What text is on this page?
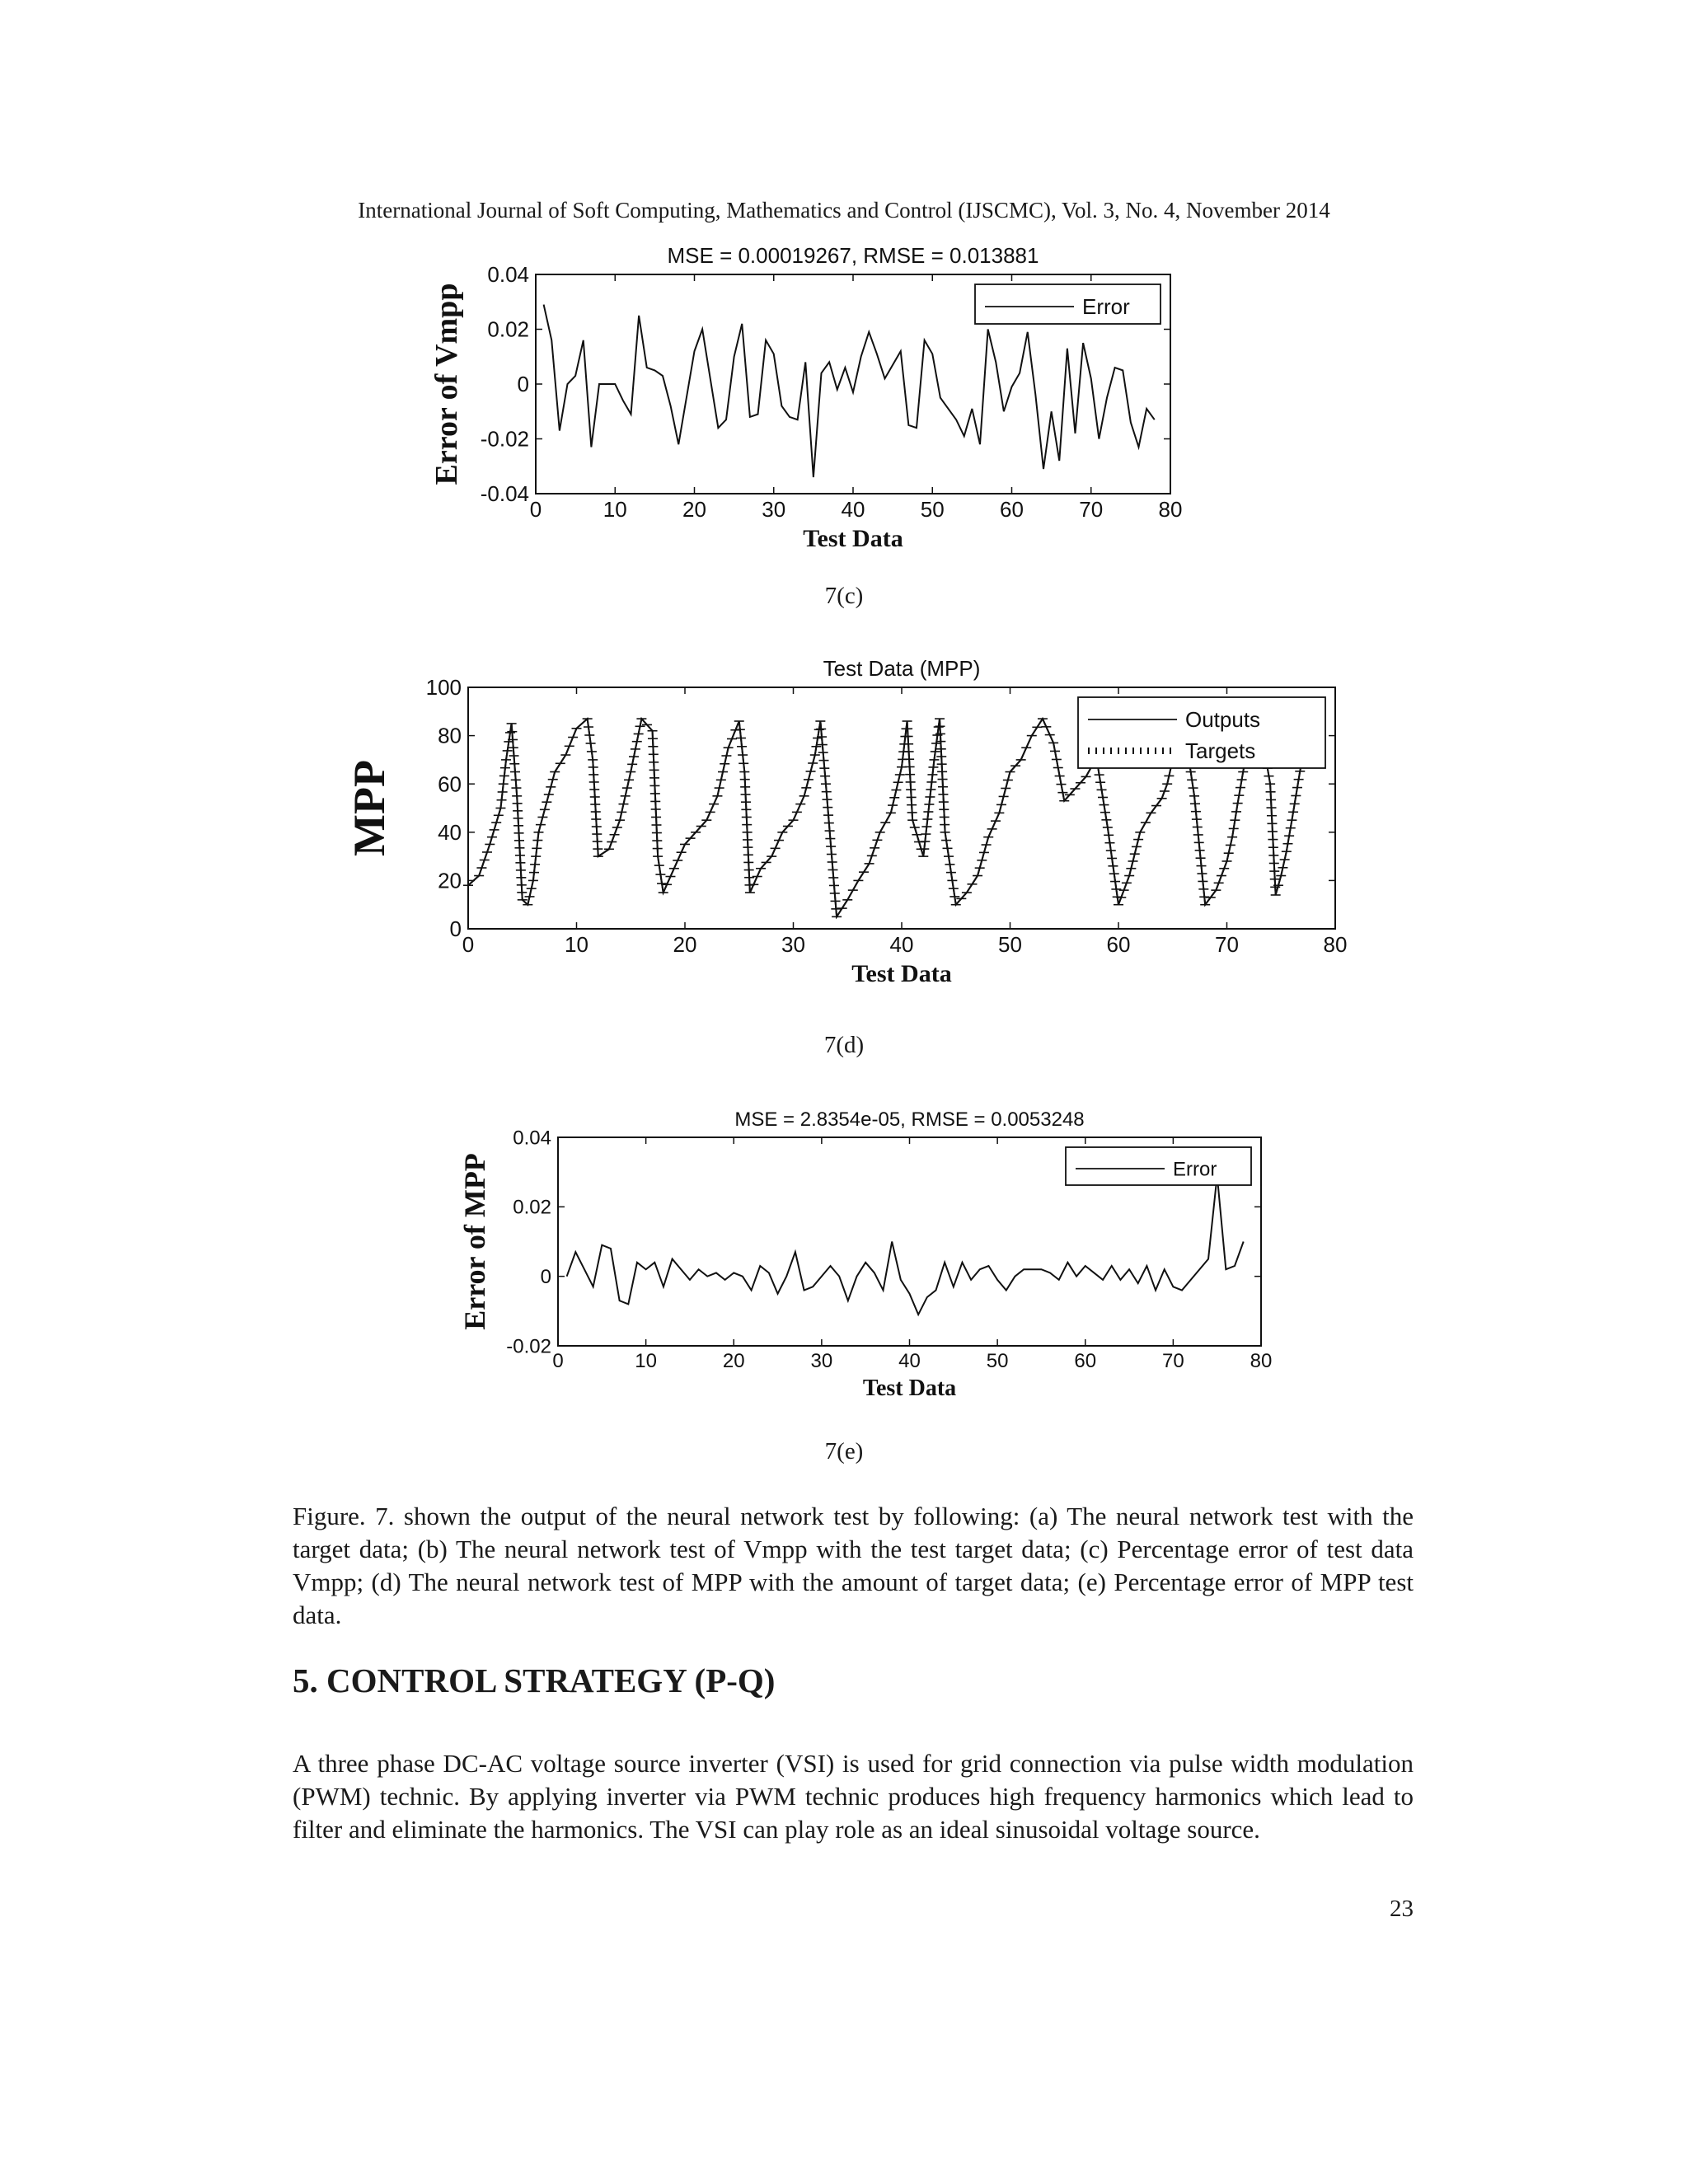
International Journal of Soft Computing, Mathematics and Control (IJSCMC), Vol. 3, No. 4, November 2014
MSE = 0.00019267, RMSE = 0.013881
0	10	20	30	40	50	60	70	80
-0.04
-0.02
0
0.02
0.04
Test Data
Error of Vmpp	Error
7(c)
Test Data (MPP)
0	10	20	30	40	50	60	70	80
0
20
40
60
80
100
Test Data
MPP
Outputs
Targets
7(d)
MSE = 2.8354e-05, RMSE = 0.0053248
0	10	20	30	40	50	60	70	80
-0.02
0
0.02
0.04
Test Data
Error of MPP	Error
7(e)
Figure. 7. shown the output of the neural network test by following: (a) The neural network test with the target data; (b) The neural network test of Vmpp with the test target data; (c) Percentage error of test data Vmpp; (d) The neural network test of MPP with the amount of target data; (e) Percentage error of MPP test data.
5. CONTROL STRATEGY (P-Q)
A three phase DC-AC voltage source inverter (VSI) is used for grid connection via pulse width modulation (PWM) technic. By applying inverter via PWM technic produces high frequency harmonics which lead to filter and eliminate the harmonics. The VSI can play role as an ideal sinusoidal voltage source.
23
